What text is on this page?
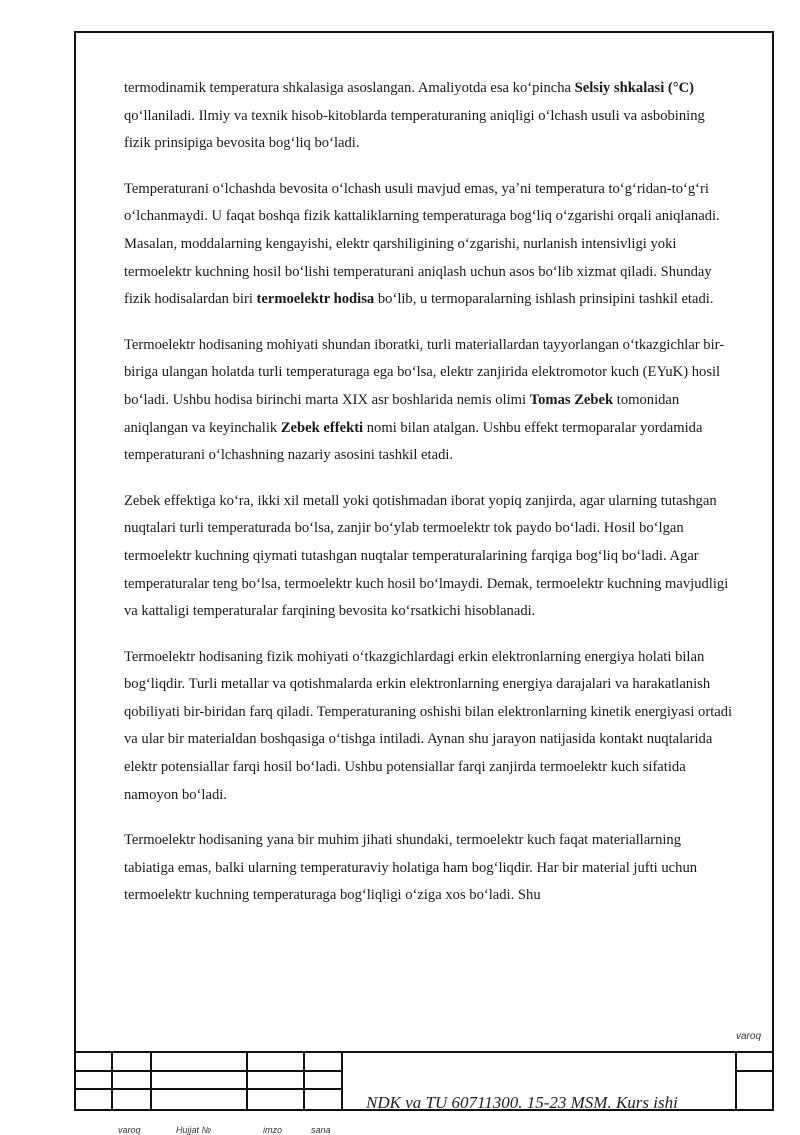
termodinamik temperatura shkalasiga asoslangan. Amaliyotda esa koʻpincha Selsiy shkalasi (°C) qoʻllaniladi. Ilmiy va texnik hisob-kitoblarda temperaturaning aniqligi oʻlchash usuli va asbobining fizik prinsipiga bevosita bogʻliq boʻladi.

Temperaturani oʻlchashda bevosita oʻlchash usuli mavjud emas, yaʼni temperatura toʻgʻridan-toʻgʻri oʻlchanmaydi. U faqat boshqa fizik kattaliklarning temperaturaga bogʻliq oʻzgarishi orqali aniqlanadi. Masalan, moddalarning kengayishi, elektr qarshiligining oʻzgarishi, nurlanish intensivligi yoki termoelektr kuchning hosil boʻlishi temperaturani aniqlash uchun asos boʻlib xizmat qiladi. Shunday fizik hodisalardan biri termoelektr hodisa boʻlib, u termoparalarning ishlash prinsipini tashkil etadi.

Termoelektr hodisaning mohiyati shundan iboratki, turli materiallardan tayyorlangan oʻtkazgichlar bir-biriga ulangan holatda turli temperaturaga ega boʻlsa, elektr zanjirida elektromotor kuch (EYuK) hosil boʻladi. Ushbu hodisa birinchi marta XIX asr boshlarida nemis olimi Tomas Zebek tomonidan aniqlangan va keyinchalik Zebek effekti nomi bilan atalgan. Ushbu effekt termoparalar yordamida temperaturani oʻlchashning nazariy asosini tashkil etadi.

Zebek effektiga koʻra, ikki xil metall yoki qotishmadan iborat yopiq zanjirda, agar ularning tutashgan nuqtalari turli temperaturada boʻlsa, zanjir boʻylab termoelektr tok paydo boʻladi. Hosil boʻlgan termoelektr kuchning qiymati tutashgan nuqtalar temperaturalarining farqiga bogʻliq boʻladi. Agar temperaturalar teng boʻlsa, termoelektr kuch hosil boʻlmaydi. Demak, termoelektr kuchning mavjudligi va kattaligi temperaturalar farqining bevosita koʻrsatkichi hisoblanadi.

Termoelektr hodisaning fizik mohiyati oʻtkazgichlardagi erkin elektronlarning energiya holati bilan bogʻliqdir. Turli metallar va qotishmalarda erkin elektronlarning energiya darajalari va harakatlanish qobiliyati bir-biridan farq qiladi. Temperaturaning oshishi bilan elektronlarning kinetik energiyasi ortadi va ular bir materialdan boshqasiga oʻtishga intiladi. Aynan shu jarayon natijasida kontakt nuqtalarida elektr potensiallar farqi hosil boʻladi. Ushbu potensiallar farqi zanjirda termoelektr kuch sifatida namoyon boʻladi.

Termoelektr hodisaning yana bir muhim jihati shundaki, termoelektr kuch faqat materiallarning tabiatiga emas, balki ularning temperaturaviy holatiga ham bogʻliqdir. Har bir material jufti uchun termoelektr kuchning temperaturaga bogʻliqligi oʻziga xos boʻladi. Shu

varoq
NDK va TU 60711300. 15-23 MSM. Kurs ishi
varoq	Hujjat №	imzo	sana
